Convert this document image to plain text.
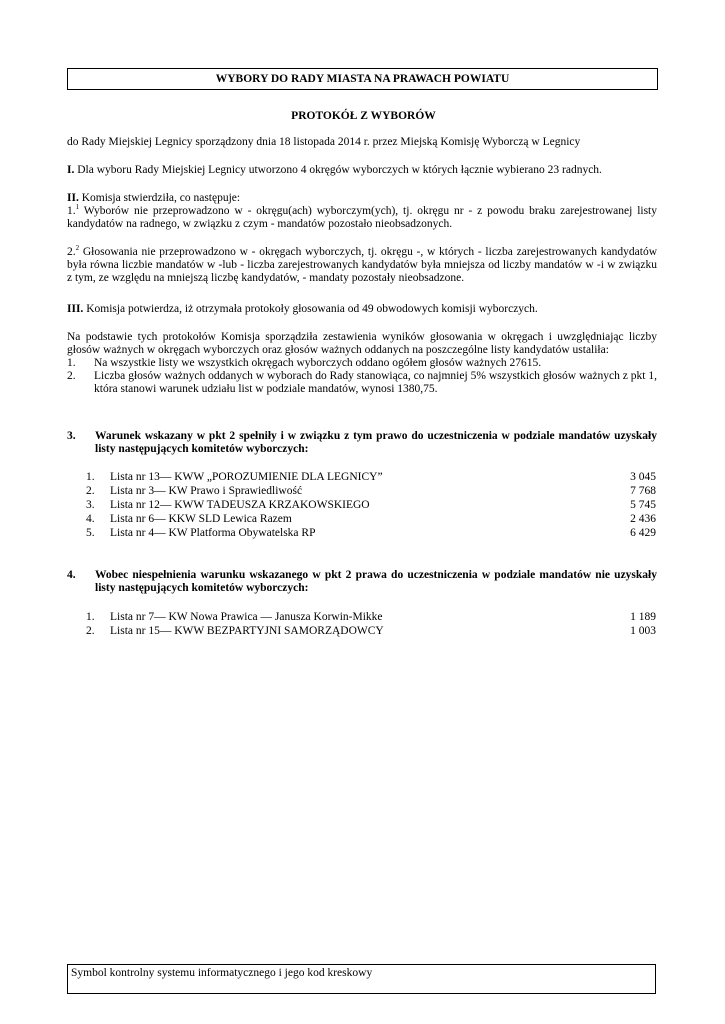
WYBORY DO RADY MIASTA NA PRAWACH POWIATU
PROTOKÓŁ Z WYBORÓW

do Rady Miejskiej Legnicy sporządzony dnia 18 listopada 2014 r. przez Miejską Komisję Wyborczą w Legnicy

I. Dla wyboru Rady Miejskiej Legnicy utworzono 4 okręgów wyborczych w których łącznie wybierano 23 radnych.

II. Komisja stwierdziła, co następuje:

1.$^1$ Wyborów nie przeprowadzono w - okręgu(ach) wyborczym(ych), tj. okręgu nr - z powodu braku zarejestrowanej listy kandydatów na radnego, w związku z czym - mandatów pozostało nieobsadzonych.

2.$^2$ Głosowania nie przeprowadzono w - okręgach wyborczych, tj. okręgu -, w których - liczba zarejestrowanych kandydatów była równa liczbie mandatów w -lub - liczba zarejestrowanych kandydatów była mniejsza od liczby mandatów w -i w związku z tym, ze względu na mniejszą liczbę kandydatów, - mandaty pozostały nieobsadzone.

III. Komisja potwierdza, iż otrzymała protokoły głosowania od 49 obwodowych komisji wyborczych.

Na podstawie tych protokołów Komisja sporządziła zestawienia wyników głosowania w okręgach i uwzględniając liczby głosów ważnych w okręgach wyborczych oraz głosów ważnych oddanych na poszczególne listy kandydatów ustaliła:

1.	Na wszystkie listy we wszystkich okręgach wyborczych oddano ogółem głosów ważnych 27615.
2.	Liczba głosów ważnych oddanych w wyborach do Rady stanowiąca, co najmniej 5% wszystkich głosów ważnych z pkt 1, która stanowi warunek udziału list w podziale mandatów, wynosi 1380,75.
3.	Warunek wskazany w pkt 2 spełniły i w związku z tym prawo do uczestniczenia w podziale mandatów uzyskały listy następujących komitetów wyborczych:
1.	Lista nr 13— KWW „POROZUMIENIE DLA LEGNICY”	3 045
2.	Lista nr 3— KW Prawo i Sprawiedliwość	7 768
3.	Lista nr 12— KWW TADEUSZA KRZAKOWSKIEGO	5 745
4.	Lista nr 6— KKW SLD Lewica Razem	2 436
5.	Lista nr 4— KW Platforma Obywatelska RP	6 429
4.	Wobec niespełnienia warunku wskazanego w pkt 2 prawa do uczestniczenia w podziale mandatów nie uzyskały listy następujących komitetów wyborczych:
1.	Lista nr 7— KW Nowa Prawica — Janusza Korwin-Mikke	1 189
2.	Lista nr 15— KWW BEZPARTYJNI SAMORZĄDOWCY	1 003
Symbol kontrolny systemu informatycznego i jego kod kreskowy
